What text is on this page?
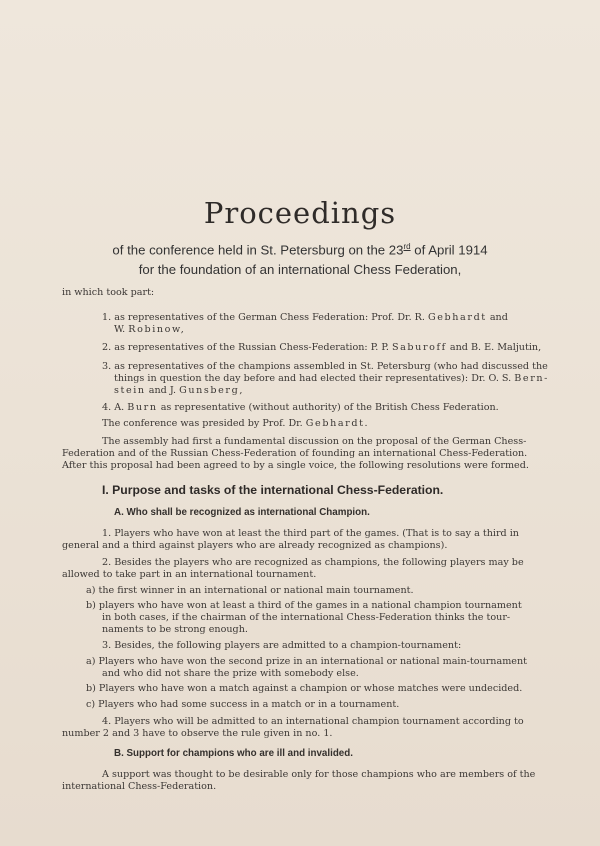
Proceedings
of the conference held in St. Petersburg on the 23rd of April 1914
for the foundation of an international Chess Federation,
in which took part:
1. as representatives of the German Chess Federation: Prof. Dr. R. Gebhardt and
W. Robinow,
2. as representatives of the Russian Chess-Federation: P. P. Saburoff and B. E. Maljutin,
3. as representatives of the champions assembled in St. Petersburg (who had discussed the
things in question the day before and had elected their representatives): Dr. O. S. Bern-
stein and J. Gunsberg,
4. A. Burn as representative (without authority) of the British Chess Federation.
The conference was presided by Prof. Dr. Gebhardt.
The assembly had first a fundamental discussion on the proposal of the German Chess-
Federation and of the Russian Chess-Federation of founding an international Chess-Federation.
After this proposal had been agreed to by a single voice, the following resolutions were formed.
I. Purpose and tasks of the international Chess-Federation.
A. Who shall be recognized as international Champion.
1. Players who have won at least the third part of the games. (That is to say a third in
general and a third against players who are already recognized as champions).
2. Besides the players who are recognized as champions, the following players may be
allowed to take part in an international tournament.
a) the first winner in an international or national main tournament.
b) players who have won at least a third of the games in a national champion tournament
in both cases, if the chairman of the international Chess-Federation thinks the tour-
naments to be strong enough.
3. Besides, the following players are admitted to a champion-tournament:
a) Players who have won the second prize in an international or national main-tournament
and who did not share the prize with somebody else.
b) Players who have won a match against a champion or whose matches were undecided.
c) Players who had some success in a match or in a tournament.
4. Players who will be admitted to an international champion tournament according to
number 2 and 3 have to observe the rule given in no. 1.
B. Support for champions who are ill and invalided.
A support was thought to be desirable only for those champions who are members of the
international Chess-Federation.
